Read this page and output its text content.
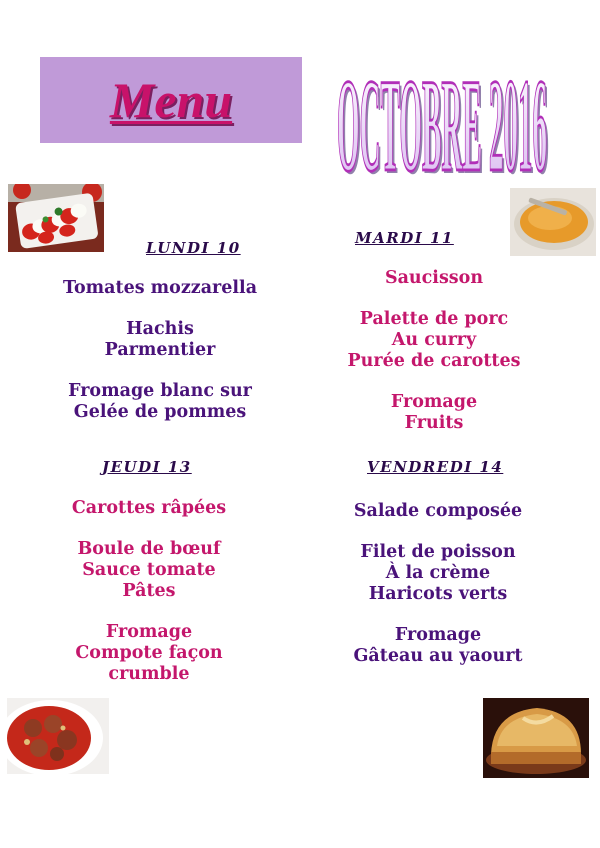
Menu OCTOBRE 2016
OCTOBRE 2016
LUNDI 10
MARDI 11
JEUDI 13	VENDREDI 14
Tomates mozzarella
Hachis
Parmentier
Fromage blanc sur
Gelée de pommes
Saucisson
Palette de porc
Au curry
Purée de carottes
Fromage
Fruits
Carottes râpées
Boule de bœuf
Sauce tomate
Pâtes
Fromage
Compote façon
crumble
Salade composée
Filet de poisson
À la crème
Haricots verts
Fromage
Gâteau au yaourt
